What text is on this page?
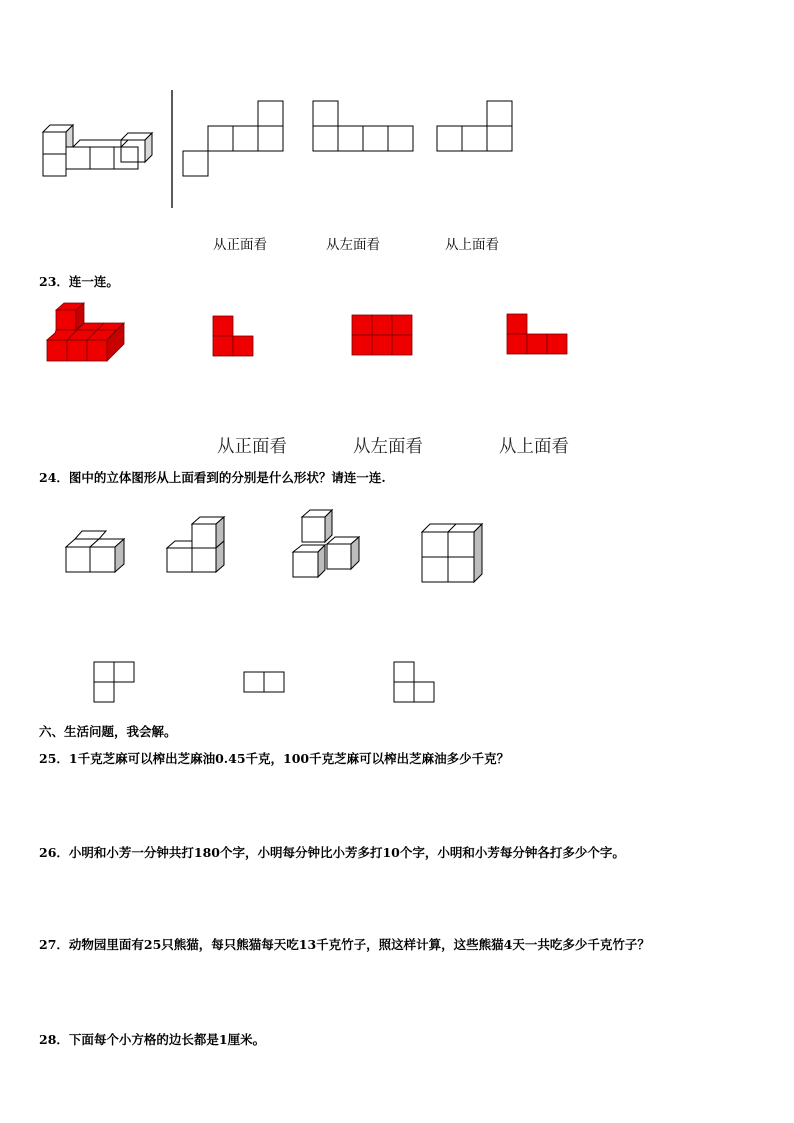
从正面看	从左面看	从上面看
23．连一连。
从正面看	从左面看	从上面看
24．图中的立体图形从上面看到的分别是什么形状？请连一连.
六、生活问题，我会解。
25．1千克芝麻可以榨出芝麻油0.45千克，100千克芝麻可以榨出芝麻油多少千克？
26．小明和小芳一分钟共打180个字，小明每分钟比小芳多打10个字，小明和小芳每分钟各打多少个字。
27．动物园里面有25只熊猫，每只熊猫每天吃13千克竹子，照这样计算，这些熊猫4天一共吃多少千克竹子？
28．下面每个小方格的边长都是1厘米。
